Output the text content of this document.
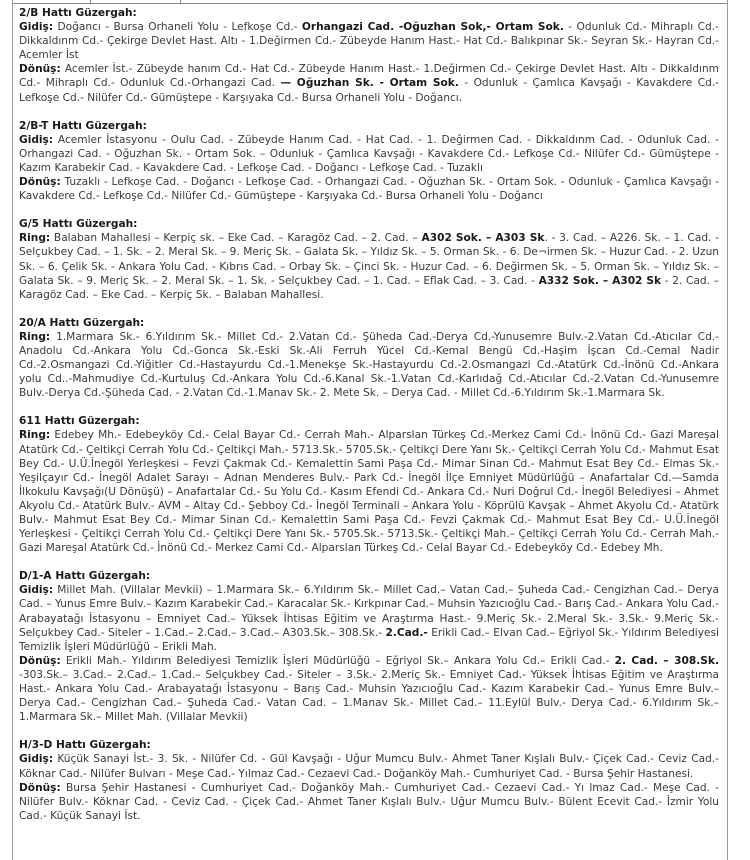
2/B Hattı Güzergah:
Gidiş: Doğancı - Bursa Orhaneli Yolu - Lefkoşe Cd.- Orhangazi Cad. -Oğuzhan Sok,- Ortam Sok. - Odunluk Cd.- Mihraplı Cd.- Dikkaldınm Cd.- Çekirge Devlet Hast. Altı - 1.Değirmen Cd.- Zübeyde Hanım Hast.- Hat Cd.- Balıkpınar Sk.- Seyran Sk.- Hayran Cd.- Acemler İst
Dönüş: Acemler İst.- Zübeyde hanım Cd.- Hat Cd.- Zübeyde Hanım Hast.- 1.Değirmen Cd.- Çekirge Devlet Hast. Altı - Dikkaldınm Cd.- Mihraplı Cd.- Odunluk Cd.-Orhangazi Cad. — Oğuzhan Sk. - Ortam Sok. - Odunluk - Çamlıca Kavşağı - Kavakdere Cd.- Lefkoşe Cd.- Nilüfer Cd.- Gümüştepe - Karşıyaka Cd.- Bursa Orhaneli Yolu - Doğancı.
2/B-T Hattı Güzergah:
Gidiş: Acemler İstasyonu - Oulu Cad. - Zübeyde Hanım Cad. - Hat Cad. - 1. Değirmen Cad. - Dikkaldınm Cad. - Odunluk Cad. - Orhangazi Cad. - Oğuzhan Sk. - Ortam Sok. – Odunluk - Çamlıca Kavşağı - Kavakdere Cd.- Lefkoşe Cd.- Nilüfer Cd.- Gümüştepe - Kazım Karabekir Cad. - Kavakdere Cad. - Lefkoşe Cad. - Doğancı - Lefkoşe Cad. - Tuzaklı
Dönüş: Tuzaklı - Lefkoşe Cad. - Doğancı - Lefkoşe Cad. - Orhangazi Cad. - Oğuzhan Sk. - Ortam Sok. - Odunluk - Çamlıca Kavşağı - Kavakdere Cd.- Lefkoşe Cd.- Nilüfer Cd.- Gümüştepe - Karşıyaka Cd.- Bursa Orhaneli Yolu - Doğancı
G/5 Hattı Güzergah:
Ring: Balaban Mahallesi – Kerpiç sk. – Eke Cad. – Karagöz Cad. – 2. Cad. – A302 Sok. – A303 Sk. - 3. Cad. – A226. Sk. – 1. Cad. - Selçukbey Cad. – 1. Sk. – 2. Meral Sk. – 9. Meriç Sk. – Galata Sk. – Yıldız Sk. – 5. Orman Sk. - 6. De¬irmen Sk. – Huzur Cad. - 2. Uzun Sk. – 6. Çelik Sk. - Ankara Yolu Cad. - Kıbrıs Cad. – Orbay Sk. – Çinci Sk. - Huzur Cad. – 6. Değirmen Sk. – 5. Orman Sk. – Yıldız Sk. – Galata Sk. – 9. Meriç Sk. – 2. Meral Sk. – 1. Sk. - Selçukbey Cad. – 1. Cad. – Eflak Cad. – 3. Cad. - A332 Sok. – A302 Sk - 2. Cad. – Karagöz Cad. – Eke Cad. – Kerpiç Sk. – Balaban Mahallesi.
20/A Hattı Güzergah:
Ring: 1.Marmara Sk.- 6.Yıldırım Sk.- Millet Cd.- 2.Vatan Cd.- Şüheda Cad.-Derya Cd.-Yunusemre Bulv.-2.Vatan Cd.-Atıcılar Cd.-Anadolu Cd.-Ankara Yolu Cd.-Gonca Sk.-Eski Sk.-Ali Ferruh Yücel Cd.-Kemal Bengü Cd.-Haşim İşcan Cd.-Cemal Nadir Cd.-2.Osmangazi Cd.-Yiğitler Cd.-Hastayurdu Cd.-1.Menekşe Sk.-Hastayurdu Cd.-2.Osmangazi Cd.-Atatürk Cd.-İnönü Cd.-Ankara yolu Cd..-Mahmudiye Cd.-Kurtuluş Cd.-Ankara Yolu Cd.-6.Kanal Sk.-1.Vatan Cd.-Karlıdağ Cd.-Atıcılar Cd.-2.Vatan Cd.-Yunusemre Bulv.-Derya Cd.-Şüheda Cad. - 2.Vatan Cd.-1.Manav Sk.- 2. Mete Sk. – Derya Cad. - Millet Cd.-6.Yıldırım Sk.-1.Marmara Sk.
611 Hattı Güzergah:
Ring: Edebey Mh.- Edebeyköy Cd.- Celal Bayar Cd.- Cerrah Mah.- Alparslan Türkeş Cd.-Merkez Cami Cd.- İnönü Cd.- Gazi Mareşal Atatürk Cd.- Çeltikçi Cerrah Yolu Cd.- Çeltikçi Mah.- 5713.Sk.- 5705.Sk.- Çeltikçi Dere Yanı Sk.- Çeltikçi Cerrah Yolu Cd.- Mahmut Esat Bey Cd.- U.Ü.İnegöl Yerleşkesi – Fevzi Çakmak Cd.- Kemalettin Sami Paşa Cd.- Mimar Sinan Cd.- Mahmut Esat Bey Cd.- Elmas Sk.- Yeşilçayır Cd.- İnegöl Adalet Sarayı – Adnan Menderes Bulv.- Park Cd.- İnegöl İlçe Emniyet Müdürlüğü – Anafartalar Cd.—Samda İlkokulu Kavşağı(U Dönüşü) – Anafartalar Cd.- Su Yolu Cd.- Kasım Efendi Cd.- Ankara Cd.- Nuri Doğrul Cd.- İnegöl Belediyesi – Ahmet Akyolu Cd.- Atatürk Bulv.- AVM – Altay Cd.- Şebboy Cd.- İnegöl Terminali – Ankara Yolu - Köprülü Kavşak – Ahmet Akyolu Cd.- Atatürk Bulv.- Mahmut Esat Bey Cd.- Mimar Sinan Cd.- Kemalettin Sami Paşa Cd.- Fevzi Çakmak Cd.- Mahmut Esat Bey Cd.- U.Ü.İnegöl Yerleşkesi - Çeltikçi Cerrah Yolu Cd.- Çeltikçi Dere Yanı Sk.- 5705.Sk.- 5713.Sk.- Çeltikçi Mah.– Çeltikçi Cerrah Yolu Cd.- Cerrah Mah.- Gazi Mareşal Atatürk Cd.- İnönü Cd.- Merkez Cami Cd.- Alparslan Türkeş Cd.- Celal Bayar Cd.- Edebeyköy Cd.- Edebey Mh.
D/1-A Hattı Güzergah:
Gidiş: Millet Mah. (Villalar Mevkii) – 1.Marmara Sk.– 6.Yıldırım Sk.– Millet Cad.– Vatan Cad.– Şuheda Cad.- Cengizhan Cad.– Derya Cad. – Yunus Emre Bulv.– Kazım Karabekir Cad.– Karacalar Sk.- Kırkpınar Cad.– Muhsin Yazıcıoğlu Cad.- Barış Cad.- Ankara Yolu Cad.- Arabayatağı İstasyonu – Emniyet Cad.– Yüksek İhtisas Eğitim ve Araştırma Hast.- 9.Meriç Sk.- 2.Meral Sk.- 3.Sk.- 9.Meriç Sk.- Selçukbey Cad.- Siteler – 1.Cad.– 2.Cad.– 3.Cad.– A303.Sk.– 308.Sk.- 2.Cad.- Erikli Cad.– Elvan Cad.– Eğriyol Sk.- Yıldırım Belediyesi Temizlik İşleri Müdürlüğü – Erikli Mah.
Dönüş: Erikli Mah.- Yıldırım Belediyesi Temizlik İşleri Müdürlüğü – Eğriyol Sk.– Ankara Yolu Cd.– Erikli Cad.- 2. Cad. – 308.Sk. -303.Sk.– 3.Cad.– 2.Cad.– 1.Cad.– Selçukbey Cad.- Siteler – 3.Sk.- 2.Meriç Sk.- Emniyet Cad.- Yüksek İhtisas Eğitim ve Araştırma Hast.- Ankara Yolu Cad.- Arabayatağı İstasyonu – Barış Cad.- Muhsin Yazıcıoğlu Cad.- Kazım Karabekir Cad.– Yunus Emre Bulv.– Derya Cad.– Cengizhan Cad.– Şuheda Cad.- Vatan Cad. – 1.Manav Sk.- Millet Cad.– 11.Eylül Bulv.- Derya Cad.- 6.Yıldırım Sk.– 1.Marmara Sk.– Millet Mah. (Villalar Mevkii)
H/3-D Hattı Güzergah:
Gidiş: Küçük Sanayi İst.- 3. Sk. - Nilüfer Cd. - Gül Kavşağı - Uğur Mumcu Bulv.- Ahmet Taner Kışlalı Bulv.- Çiçek Cad.- Ceviz Cad.- Köknar Cad.- Nilüfer Bulvarı - Meşe Cad.- Yılmaz Cad.- Cezaevi Cad.- Doğanköy Mah.- Cumhuriyet Cad. - Bursa Şehir Hastanesi.
Dönüş: Bursa Şehir Hastanesi - Cumhuriyet Cad.- Doğanköy Mah.- Cumhuriyet Cad.- Cezaevi Cad.- Yı lmaz Cad.- Meşe Cad. - Nilüfer Bulv.- Köknar Cad. - Ceviz Cad. - Çiçek Cad.- Ahmet Taner Kışlalı Bulv.- Uğur Mumcu Bulv.- Bülent Ecevit Cad.- İzmir Yolu Cad.- Küçük Sanayi İst.
